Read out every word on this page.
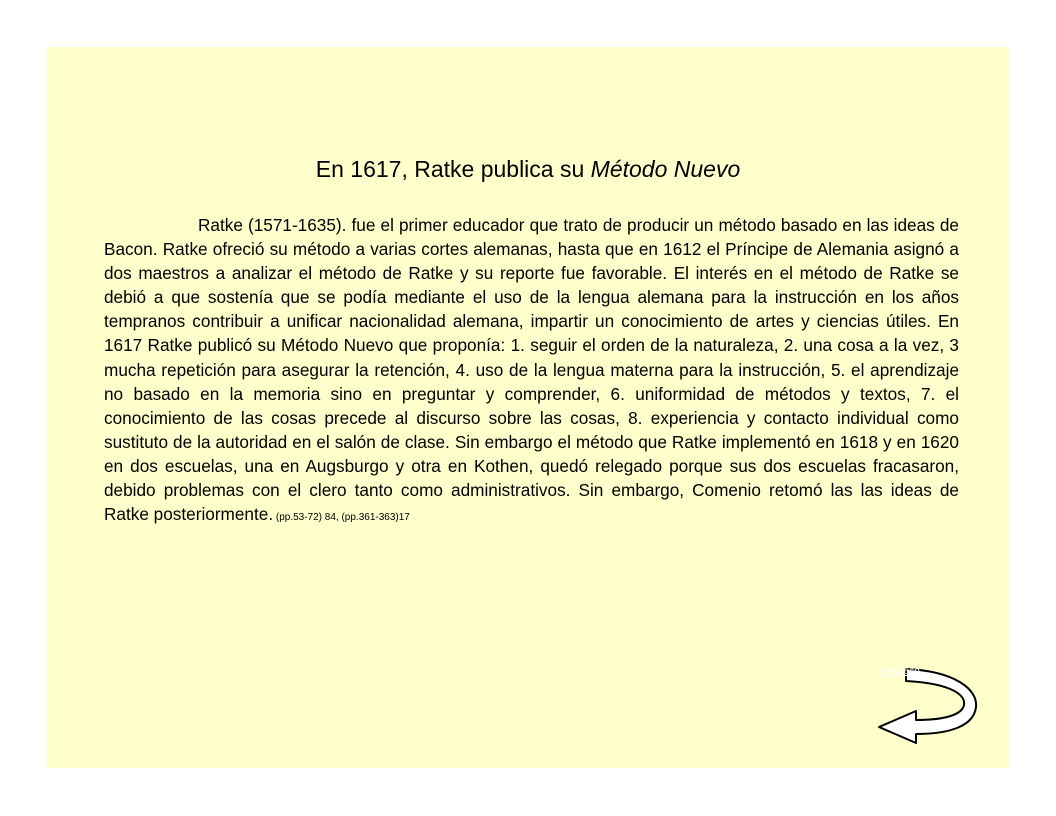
En 1617, Ratke publica su Método Nuevo

Ratke (1571-1635). fue el primer educador que trato de producir un método basado en las ideas de Bacon. Ratke ofreció su método a varias cortes alemanas, hasta que en 1612 el Príncipe de Alemania asignó a dos maestros a analizar el método de Ratke y su reporte fue favorable. El interés en el método de Ratke se debió a que sostenía que se podía mediante el uso de la lengua alemana para la instrucción en los años tempranos contribuir a unificar nacionalidad alemana, impartir un conocimiento de artes y ciencias útiles. En 1617 Ratke publicó su Método Nuevo que proponía: 1. seguir el orden de la naturaleza, 2. una cosa a la vez, 3 mucha repetición para asegurar la retención, 4. uso de la lengua materna para la instrucción, 5. el aprendizaje no basado en la memoria sino en preguntar y comprender, 6. uniformidad de métodos y textos, 7. el conocimiento de las cosas precede al discurso sobre las cosas, 8. experiencia y contacto individual como sustituto de la autoridad en el salón de clase. Sin embargo el método que Ratke implementó en 1618 y en 1620 en dos escuelas, una en Augsburgo y otra en Kothen, quedó relegado porque sus dos escuelas fracasaron, debido problemas con el clero tanto como administrativos. Sin embargo, Comenio retomó las las ideas de Ratke posteriormente. (pp.53-72) 84, (pp.361-363)17

Regreso
